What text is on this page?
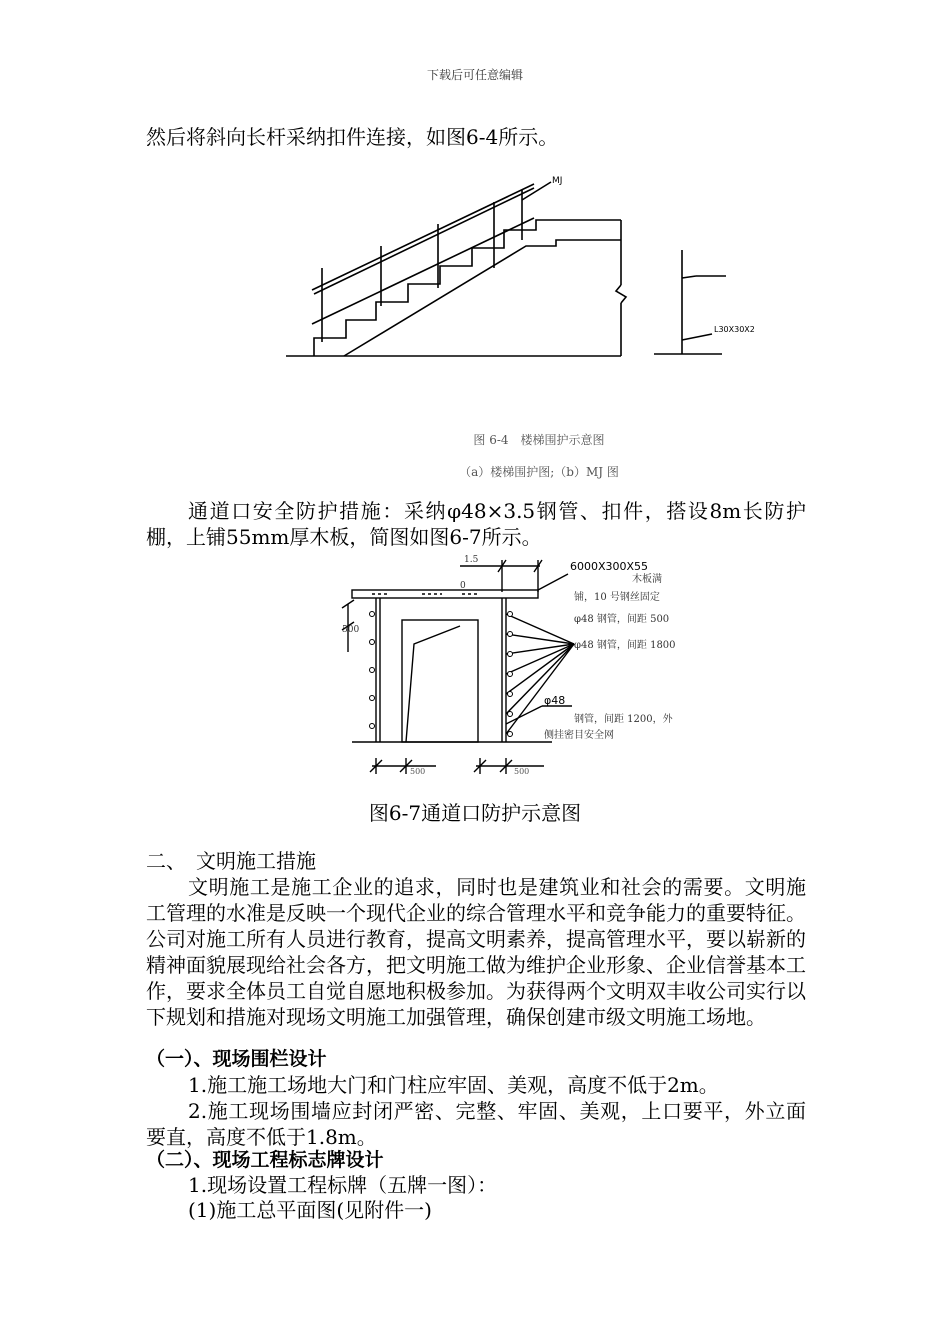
下载后可任意编辑

然后将斜向长杆采纳扣件连接，如图6-4所示。

MJ
L30X30X2
图 6-4　楼梯围护示意图
（a）楼梯围护图;（b）MJ 图

通道口安全防护措施：采纳φ48×3.5钢管、扣件，搭设8m长防护棚，上铺55mm厚木板，简图如图6-7所示。

1.5
0
500
6000X300X55
木板满
铺，10 号钢丝固定
φ48 钢管，间距 500
φ48 钢管，间距 1800
φ48
钢管，间距 1200，外
侧挂密目安全网
500	500
图6-7通道口防护示意图

二、　文明施工措施

文明施工是施工企业的追求，同时也是建筑业和社会的需要。文明施工管理的水准是反映一个现代企业的综合管理水平和竞争能力的重要特征。公司对施工所有人员进行教育，提高文明素养，提高管理水平，要以崭新的精神面貌展现给社会各方，把文明施工做为维护企业形象、企业信誉基本工作，要求全体员工自觉自愿地积极参加。为获得两个文明双丰收公司实行以下规划和措施对现场文明施工加强管理，确保创建市级文明施工场地。

（一）、现场围栏设计

1.施工施工场地大门和门柱应牢固、美观，高度不低于2m。

2.施工现场围墙应封闭严密、完整、牢固、美观，上口要平，外立面要直，高度不低于1.8m。

（二）、现场工程标志牌设计

1.现场设置工程标牌（五牌一图）：

(1)施工总平面图(见附件一)
